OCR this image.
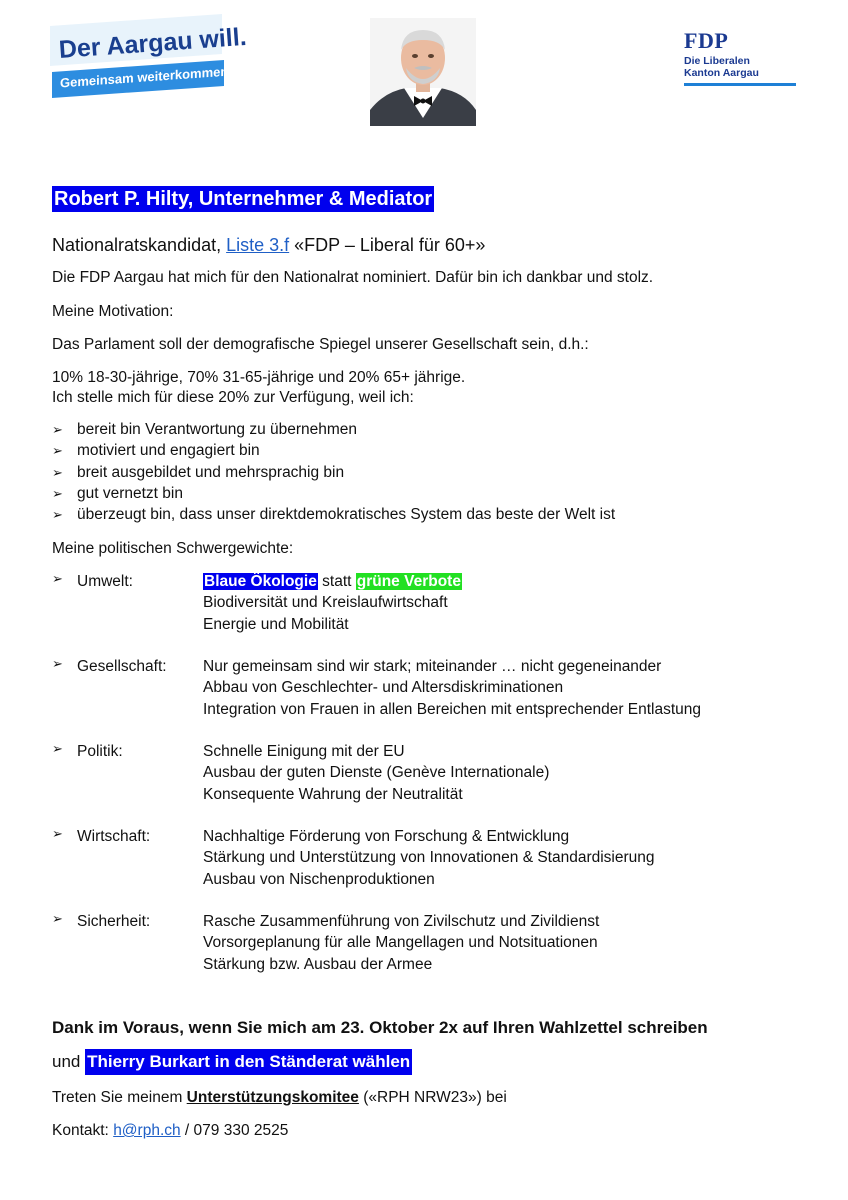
Der Aargau will.
Gemeinsam weiterkommen.
FDP
Die Liberalen
Kanton Aargau
Robert P. Hilty, Unternehmer & Mediator
Nationalratskandidat, Liste 3.f «FDP – Liberal für 60+»
Die FDP Aargau hat mich für den Nationalrat nominiert. Dafür bin ich dankbar und stolz.
Meine Motivation:
Das Parlament soll der demografische Spiegel unserer Gesellschaft sein, d.h.:
10% 18-30-jährige, 70% 31-65-jährige und 20% 65+ jährige.
Ich stelle mich für diese 20% zur Verfügung, weil ich:
➢ bereit bin Verantwortung zu übernehmen
➢ motiviert und engagiert bin
➢ breit ausgebildet und mehrsprachig bin
➢ gut vernetzt bin
➢ überzeugt bin, dass unser direktdemokratisches System das beste der Welt ist
Meine politischen Schwergewichte:
➢ Umwelt:	Blaue Ökologie statt grüne Verbote
Biodiversität und Kreislaufwirtschaft
Energie und Mobilität
➢ Gesellschaft: Nur gemeinsam sind wir stark; miteinander … nicht gegeneinander
Abbau von Geschlechter- und Altersdiskriminationen
Integration von Frauen in allen Bereichen mit entsprechender Entlastung
➢ Politik:	Schnelle Einigung mit der EU
Ausbau der guten Dienste (Genève Internationale)
Konsequente Wahrung der Neutralität
➢ Wirtschaft:	Nachhaltige Förderung von Forschung & Entwicklung
Stärkung und Unterstützung von Innovationen & Standardisierung
Ausbau von Nischenproduktionen
➢ Sicherheit:	Rasche Zusammenführung von Zivilschutz und Zivildienst
Vorsorgeplanung für alle Mangellagen und Notsituationen
Stärkung bzw. Ausbau der Armee
Dank im Voraus, wenn Sie mich am 23. Oktober 2x auf Ihren Wahlzettel schreiben
und Thierry Burkart in den Ständerat wählen
Treten Sie meinem Unterstützungskomitee («RPH NRW23») bei
Kontakt: h@rph.ch / 079 330 2525
